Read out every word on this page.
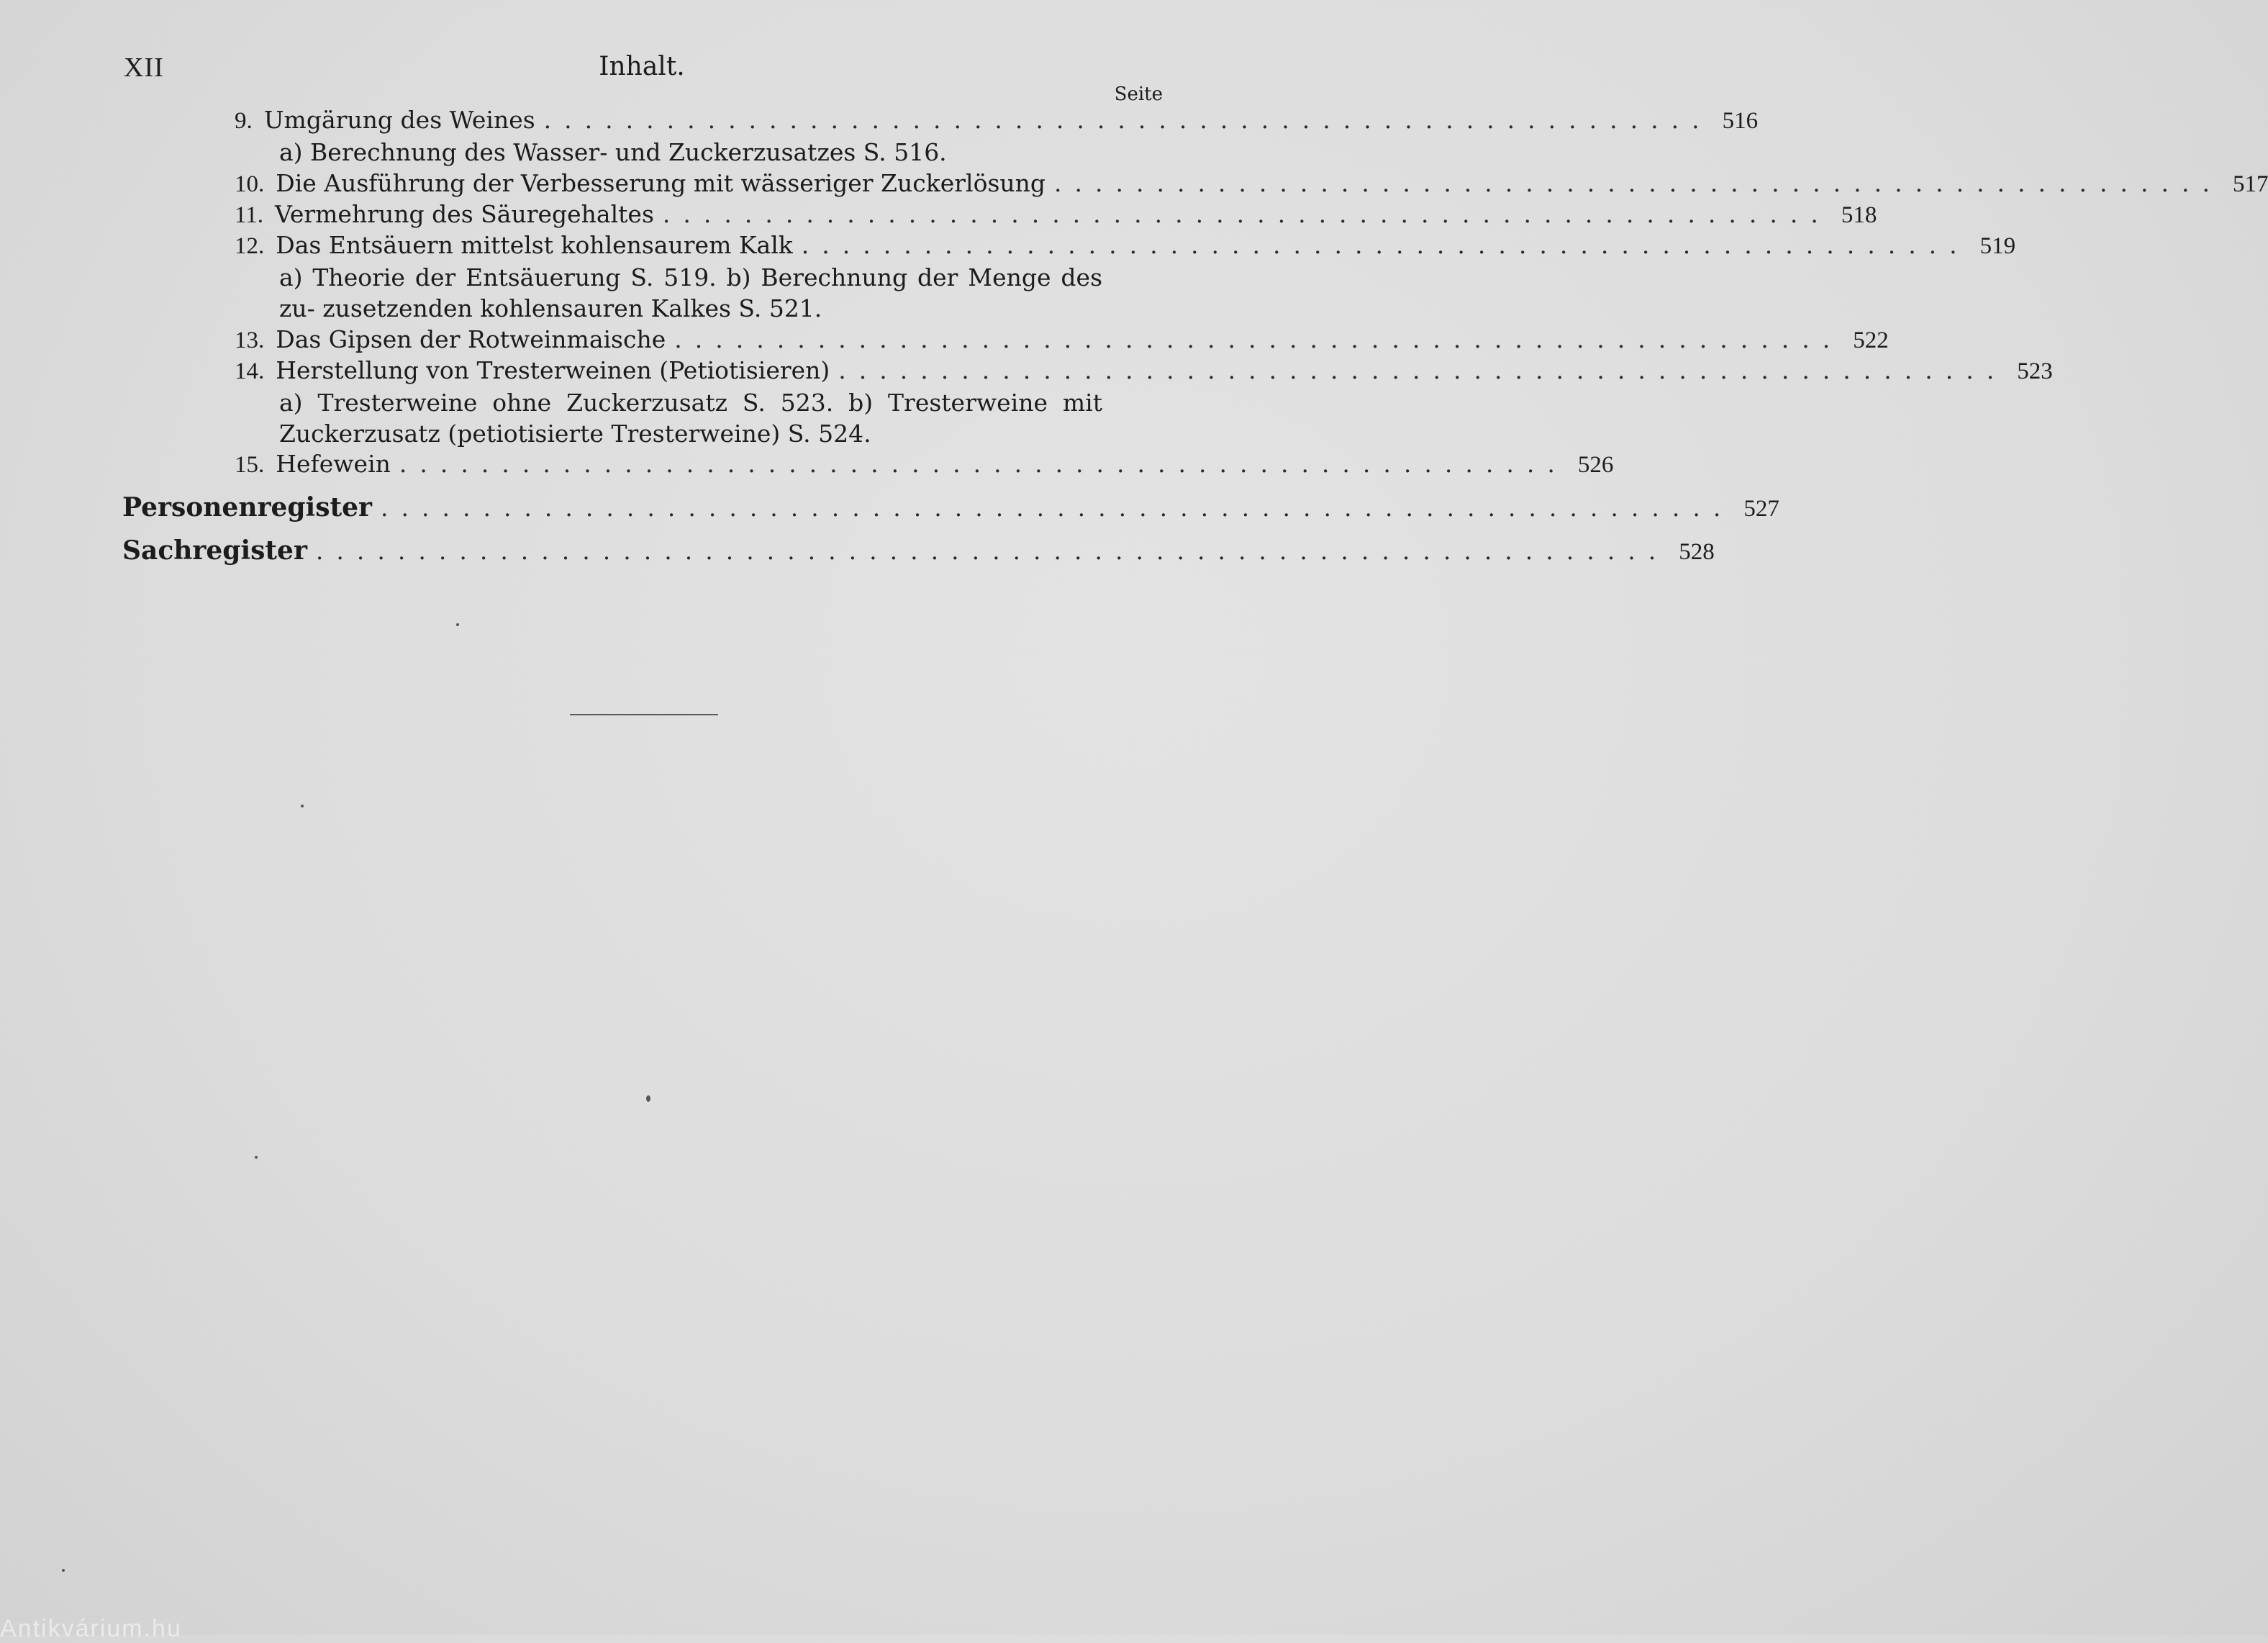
XII	Inhalt.
Seite
9. Umgärung des Weines ......................................................... 516
a) Berechnung des Wasser- und Zuckerzusatzes S. 516.
10. Die Ausführung der Verbesserung mit wässeriger Zuckerlösung ......................................................... 517
11. Vermehrung des Säuregehaltes ......................................................... 518
12. Das Entsäuern mittelst kohlensaurem Kalk ......................................................... 519
a) Theorie der Entsäuerung S. 519. b) Berechnung der Menge des zu- zusetzenden kohlensauren Kalkes S. 521.
13. Das Gipsen der Rotweinmaische ......................................................... 522
14. Herstellung von Tresterweinen (Petiotisieren) ......................................................... 523
a) Tresterweine ohne Zuckerzusatz S. 523. b) Tresterweine mit Zuckerzusatz (petiotisierte Tresterweine) S. 524.
15. Hefewein ......................................................... 526
Personenregister .................................................................. 527
Sachregister .................................................................. 528
Antikvárium.hu
